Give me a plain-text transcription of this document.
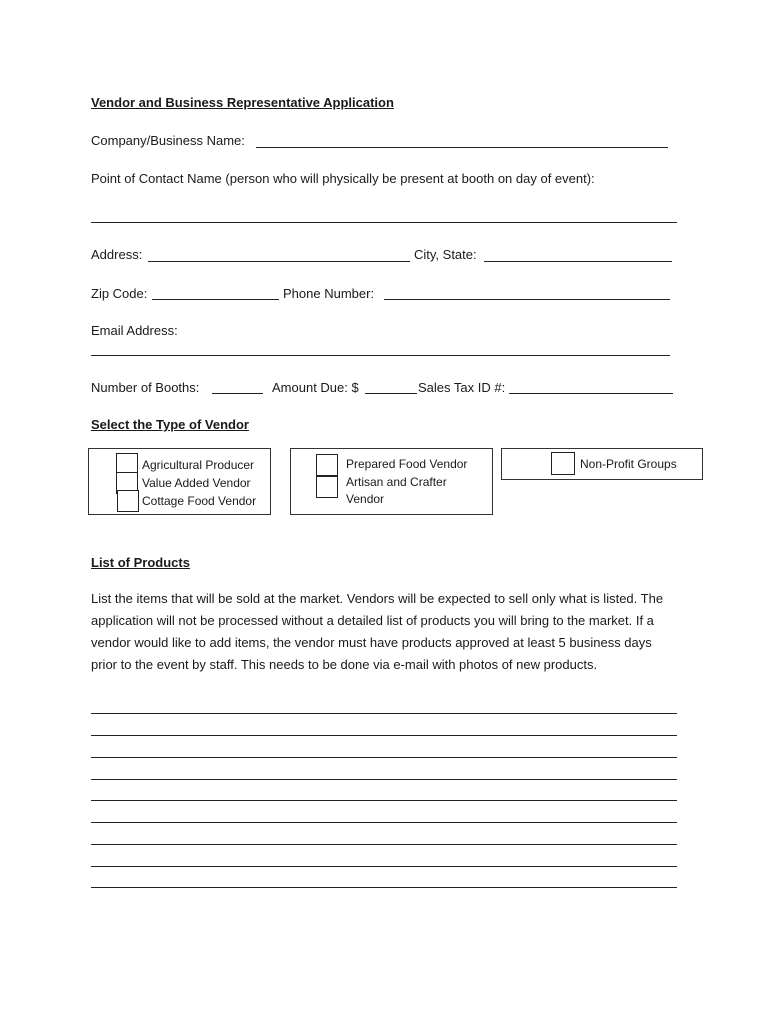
Vendor and Business Representative Application
Company/Business Name:
Point of Contact Name (person who will physically be present at booth on day of event):
Address:	City, State:
Zip Code:	Phone Number:
Email Address:
Number of Booths:	Amount Due: $	Sales Tax ID #:
Select the Type of Vendor
Agricultural Producer
Value Added Vendor
Cottage Food Vendor
Prepared Food Vendor
Artisan and Crafter Vendor
Non-Profit Groups
List of Products
List the items that will be sold at the market. Vendors will be expected to sell only what is listed. The application will not be processed without a detailed list of products you will bring to the market. If a vendor would like to add items, the vendor must have products approved at least 5 business days prior to the event by staff. This needs to be done via e-mail with photos of new products.
